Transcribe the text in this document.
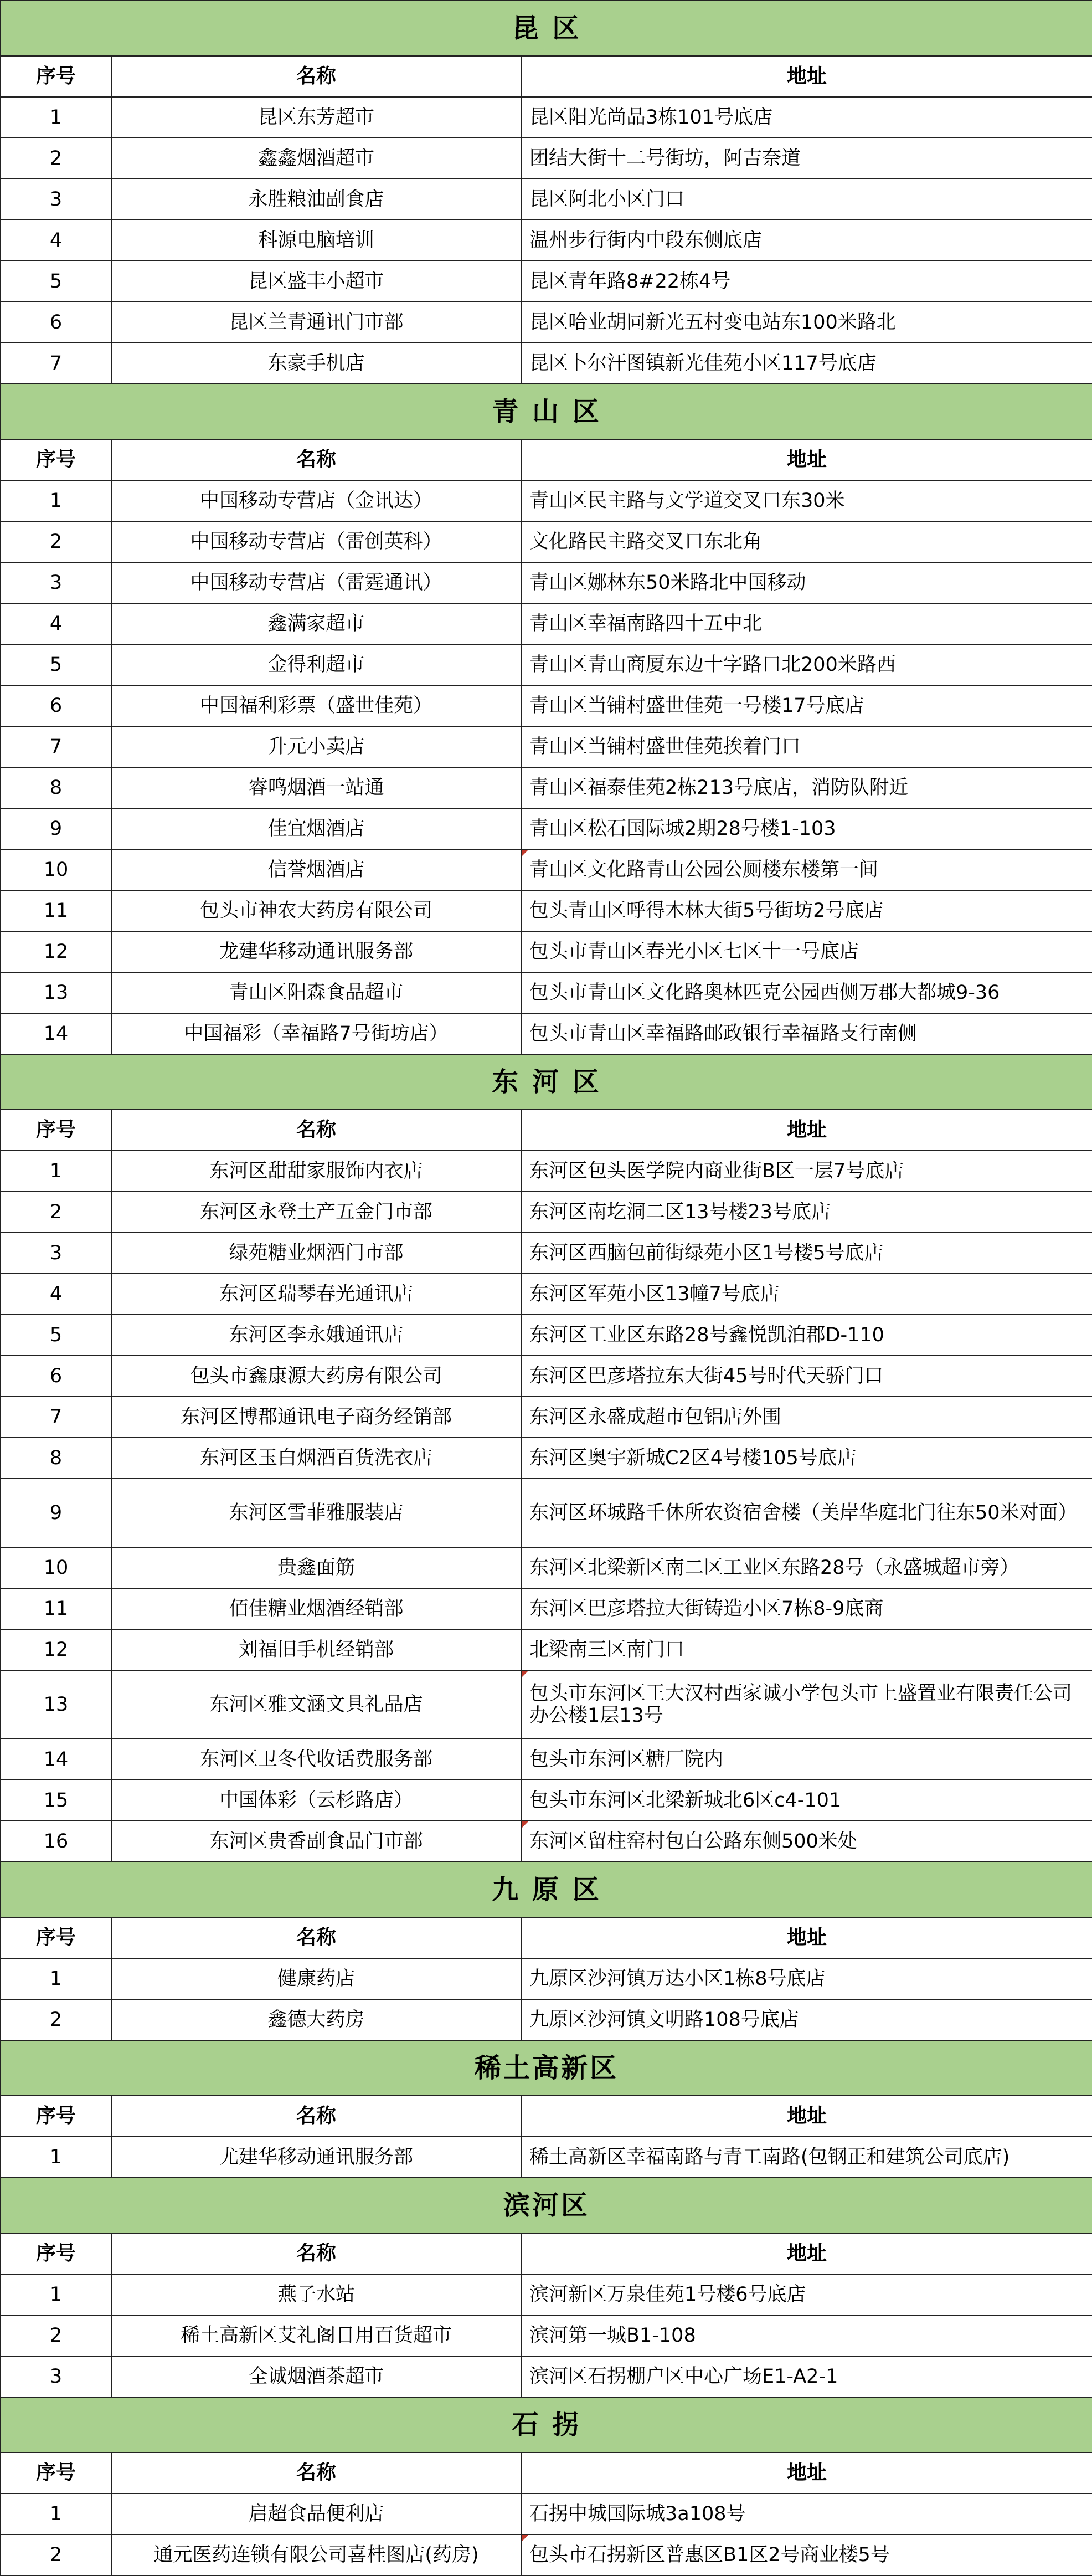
昆 区		
序号	名称	地址
1	昆区东芳超市	昆区阳光尚品3栋101号底店
2	鑫鑫烟酒超市	团结大街十二号街坊，阿吉奈道
3	永胜粮油副食店	昆区阿北小区门口
4	科源电脑培训	温州步行街内中段东侧底店
5	昆区盛丰小超市	昆区青年路8#22栋4号
6	昆区兰青通讯门市部	昆区哈业胡同新光五村变电站东100米路北
7	东豪手机店	昆区卜尔汗图镇新光佳苑小区117号底店
青 山 区		
序号	名称	地址
1	中国移动专营店（金讯达）	青山区民主路与文学道交叉口东30米
2	中国移动专营店（雷创英科）	文化路民主路交叉口东北角
3	中国移动专营店（雷霆通讯）	青山区娜林东50米路北中国移动
4	鑫满家超市	青山区幸福南路四十五中北
5	金得利超市	青山区青山商厦东边十字路口北200米路西
6	中国福利彩票（盛世佳苑）	青山区当铺村盛世佳苑一号楼17号底店
7	升元小卖店	青山区当铺村盛世佳苑挨着门口
8	睿鸣烟酒一站通	青山区福泰佳苑2栋213号底店，消防队附近
9	佳宜烟酒店	青山区松石国际城2期28号楼1-103
10	信誉烟酒店	青山区文化路青山公园公厕楼东楼第一间

11	包头市神农大药房有限公司	包头青山区呼得木林大街5号街坊2号底店
12	龙建华移动通讯服务部	包头市青山区春光小区七区十一号底店
13	青山区阳森食品超市	包头市青山区文化路奥林匹克公园西侧万郡大都城9-36
14	中国福彩（幸福路7号街坊店）	包头市青山区幸福路邮政银行幸福路支行南侧
东 河 区		
序号	名称	地址
1	东河区甜甜家服饰内衣店	东河区包头医学院内商业街B区一层7号底店
2	东河区永登土产五金门市部	东河区南圪洞二区13号楼23号底店
3	绿苑糖业烟酒门市部	东河区西脑包前街绿苑小区1号楼5号底店
4	东河区瑞琴春光通讯店	东河区军苑小区13幢7号底店
5	东河区李永娥通讯店	东河区工业区东路28号鑫悦凯泊郡D-110
6	包头市鑫康源大药房有限公司	东河区巴彦塔拉东大街45号时代天骄门口
7	东河区博郡通讯电子商务经销部	东河区永盛成超市包铝店外围
8	东河区玉白烟酒百货洗衣店	东河区奥宇新城C2区4号楼105号底店
9	东河区雪菲雅服装店	东河区环城路千休所农资宿舍楼（美岸华庭北门往东50米对面）
10	贵鑫面筋	东河区北梁新区南二区工业区东路28号（永盛城超市旁）
11	佰佳糖业烟酒经销部	东河区巴彦塔拉大街铸造小区7栋8-9底商
12	刘福旧手机经销部	北梁南三区南门口
13	东河区雅文涵文具礼品店	包头市东河区王大汉村西家诚小学包头市上盛置业有限责任公司办公楼1层13号

14	东河区卫冬代收话费服务部	包头市东河区糖厂院内
15	中国体彩（云杉路店）	包头市东河区北梁新城北6区c4-101
16	东河区贵香副食品门市部	东河区留柱窑村包白公路东侧500米处

九 原 区		
序号	名称	地址
1	健康药店	九原区沙河镇万达小区1栋8号底店
2	鑫德大药房	九原区沙河镇文明路108号底店
稀土高新区		
序号	名称	地址
1	尤建华移动通讯服务部	稀土高新区幸福南路与青工南路(包钢正和建筑公司底店)
滨河区		
序号	名称	地址
1	燕子水站	滨河新区万泉佳苑1号楼6号底店
2	稀土高新区艾礼阁日用百货超市	滨河第一城B1-108
3	全诚烟酒茶超市	滨河区石拐棚户区中心广场E1-A2-1
石 拐		
序号	名称	地址
1	启超食品便利店	石拐中城国际城3a108号
2	通元医药连锁有限公司喜桂图店(药房)	包头市石拐新区普惠区B1区2号商业楼5号
